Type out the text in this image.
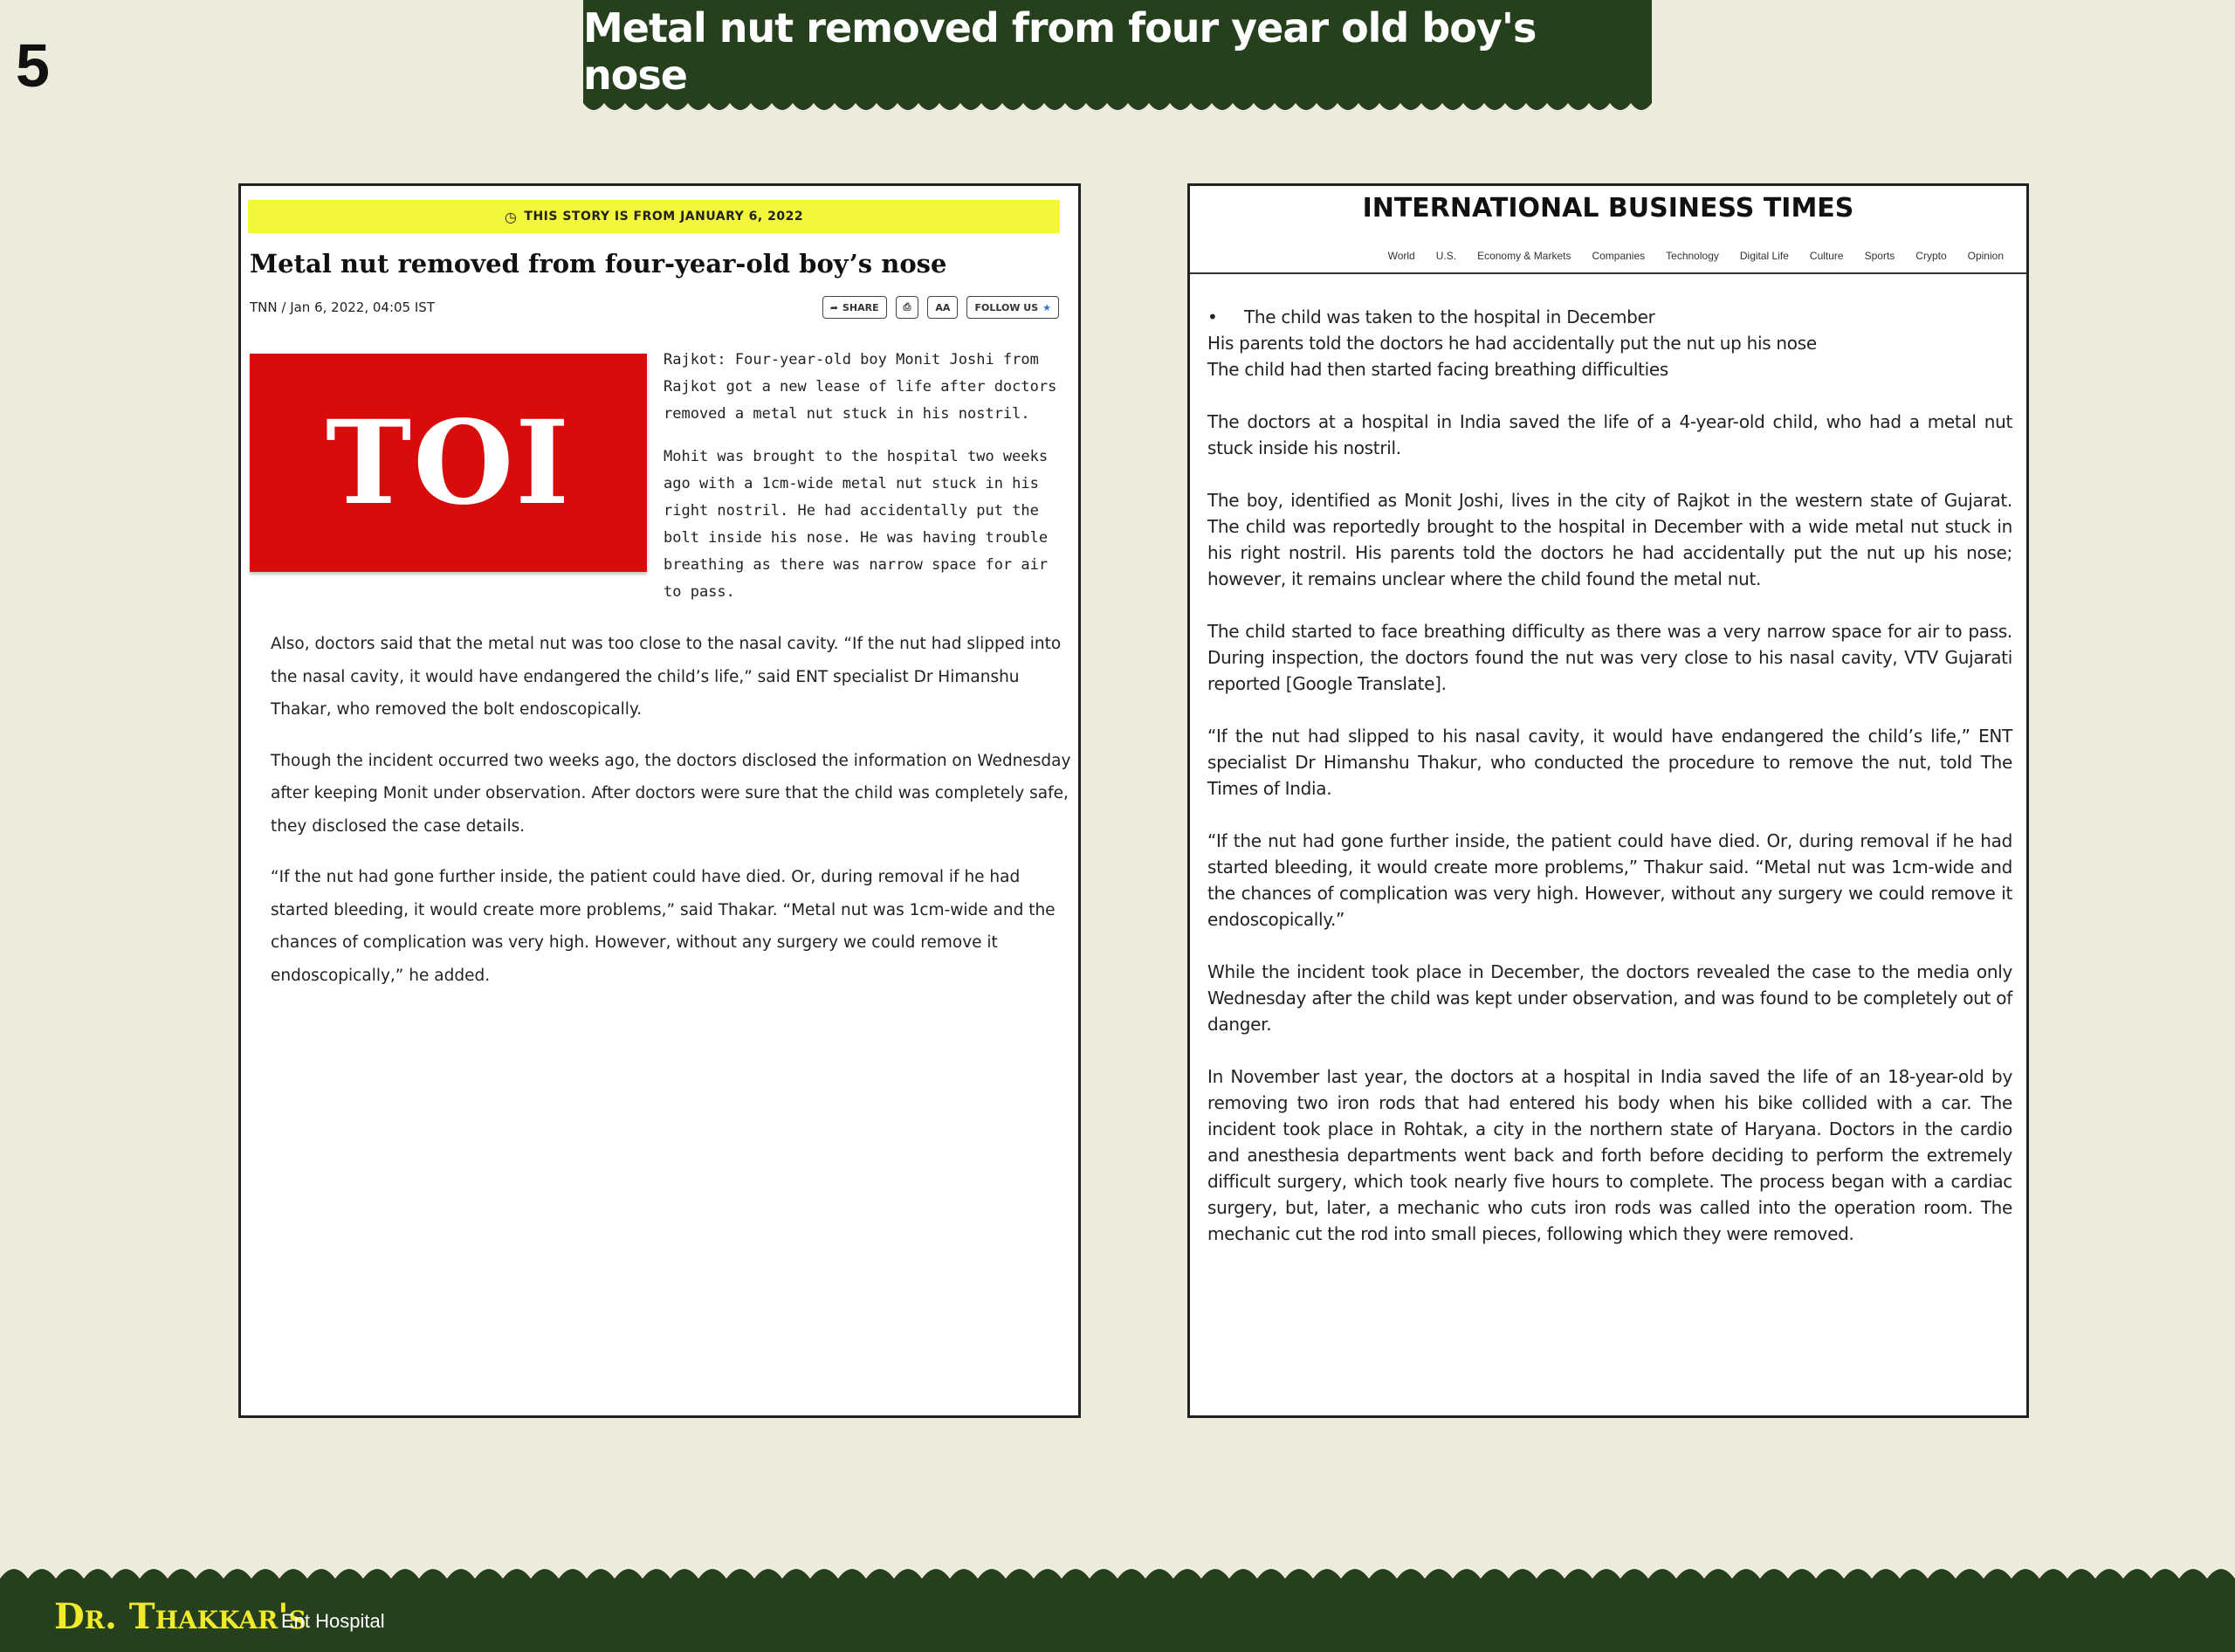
5
Metal nut removed from four year old boy's nose
◷ THIS STORY IS FROM JANUARY 6, 2022
Metal nut removed from four-year-old boy’s nose
TNN / Jan 6, 2022, 04:05 IST	➦ SHARE	⎙	AA	FOLLOW US ★
TOI

Rajkot: Four-year-old boy Monit Joshi from Rajkot got a new lease of life after doctors removed a metal nut stuck in his nostril.

Mohit was brought to the hospital two weeks ago with a 1cm-wide metal nut stuck in his right nostril. He had accidentally put the bolt inside his nose. He was having trouble breathing as there was narrow space for air to pass.

Also, doctors said that the metal nut was too close to the nasal cavity. “If the nut had slipped into the nasal cavity, it would have endangered the child’s life,” said ENT specialist Dr Himanshu Thakar, who removed the bolt endoscopically.

Though the incident occurred two weeks ago, the doctors disclosed the information on Wednesday after keeping Monit under observation. After doctors were sure that the child was completely safe, they disclosed the case details.

“If the nut had gone further inside, the patient could have died. Or, during removal if he had started bleeding, it would create more problems,” said Thakar. “Metal nut was 1cm-wide and the chances of complication was very high. However, without any surgery we could remove it endoscopically,” he added.

INTERNATIONAL BUSINESS TIMES
World U.S. Economy & Markets Companies Technology Digital Life Culture Sports Crypto Opinion
• The child was taken to the hospital in December
His parents told the doctors he had accidentally put the nut up his nose
The child had then started facing breathing difficulties

The doctors at a hospital in India saved the life of a 4-year-old child, who had a metal nut stuck inside his nostril.

The boy, identified as Monit Joshi, lives in the city of Rajkot in the western state of Gujarat. The child was reportedly brought to the hospital in December with a wide metal nut stuck in his right nostril. His parents told the doctors he had accidentally put the nut up his nose; however, it remains unclear where the child found the metal nut.

The child started to face breathing difficulty as there was a very narrow space for air to pass. During inspection, the doctors found the nut was very close to his nasal cavity, VTV Gujarati reported [Google Translate].

“If the nut had slipped to his nasal cavity, it would have endangered the child’s life,” ENT specialist Dr Himanshu Thakur, who conducted the procedure to remove the nut, told The Times of India.

“If the nut had gone further inside, the patient could have died. Or, during removal if he had started bleeding, it would create more problems,” Thakur said. “Metal nut was 1cm-wide and the chances of complication was very high. However, without any surgery we could remove it endoscopically.”

While the incident took place in December, the doctors revealed the case to the media only Wednesday after the child was kept under observation, and was found to be completely out of danger.

In November last year, the doctors at a hospital in India saved the life of an 18-year-old by removing two iron rods that had entered his body when his bike collided with a car. The incident took place in Rohtak, a city in the northern state of Haryana. Doctors in the cardio and anesthesia departments went back and forth before deciding to perform the extremely difficult surgery, which took nearly five hours to complete. The process began with a cardiac surgery, but, later, a mechanic who cuts iron rods was called into the operation room. The mechanic cut the rod into small pieces, following which they were removed.

Dr. Thakkar's
Ent Hospital
